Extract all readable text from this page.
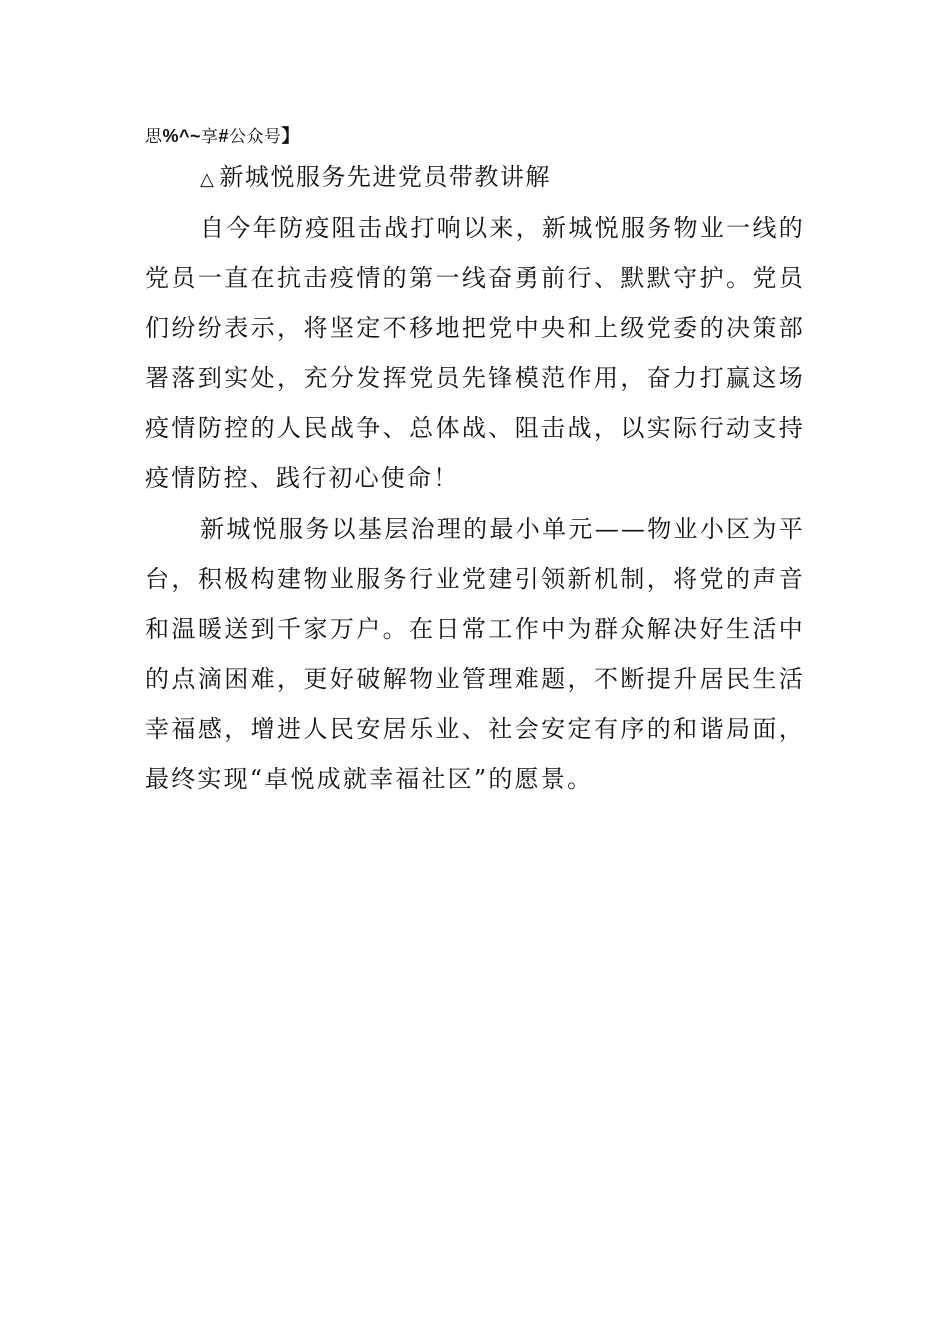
思%^~享#公众号】
△ 新城悦服务先进党员带教讲解

自今年防疫阻击战打响以来，新城悦服务物业一线的党员一直在抗击疫情的第一线奋勇前行、默默守护。党员们纷纷表示，将坚定不移地把党中央和上级党委的决策部署落到实处，充分发挥党员先锋模范作用，奋力打赢这场疫情防控的人民战争、总体战、阻击战，以实际行动支持疫情防控、践行初心使命！

新城悦服务以基层治理的最小单元——物业小区为平台，积极构建物业服务行业党建引领新机制，将党的声音和温暖送到千家万户。在日常工作中为群众解决好生活中的点滴困难，更好破解物业管理难题，不断提升居民生活幸福感，增进人民安居乐业、社会安定有序的和谐局面，最终实现“卓悦成就幸福社区”的愿景。
